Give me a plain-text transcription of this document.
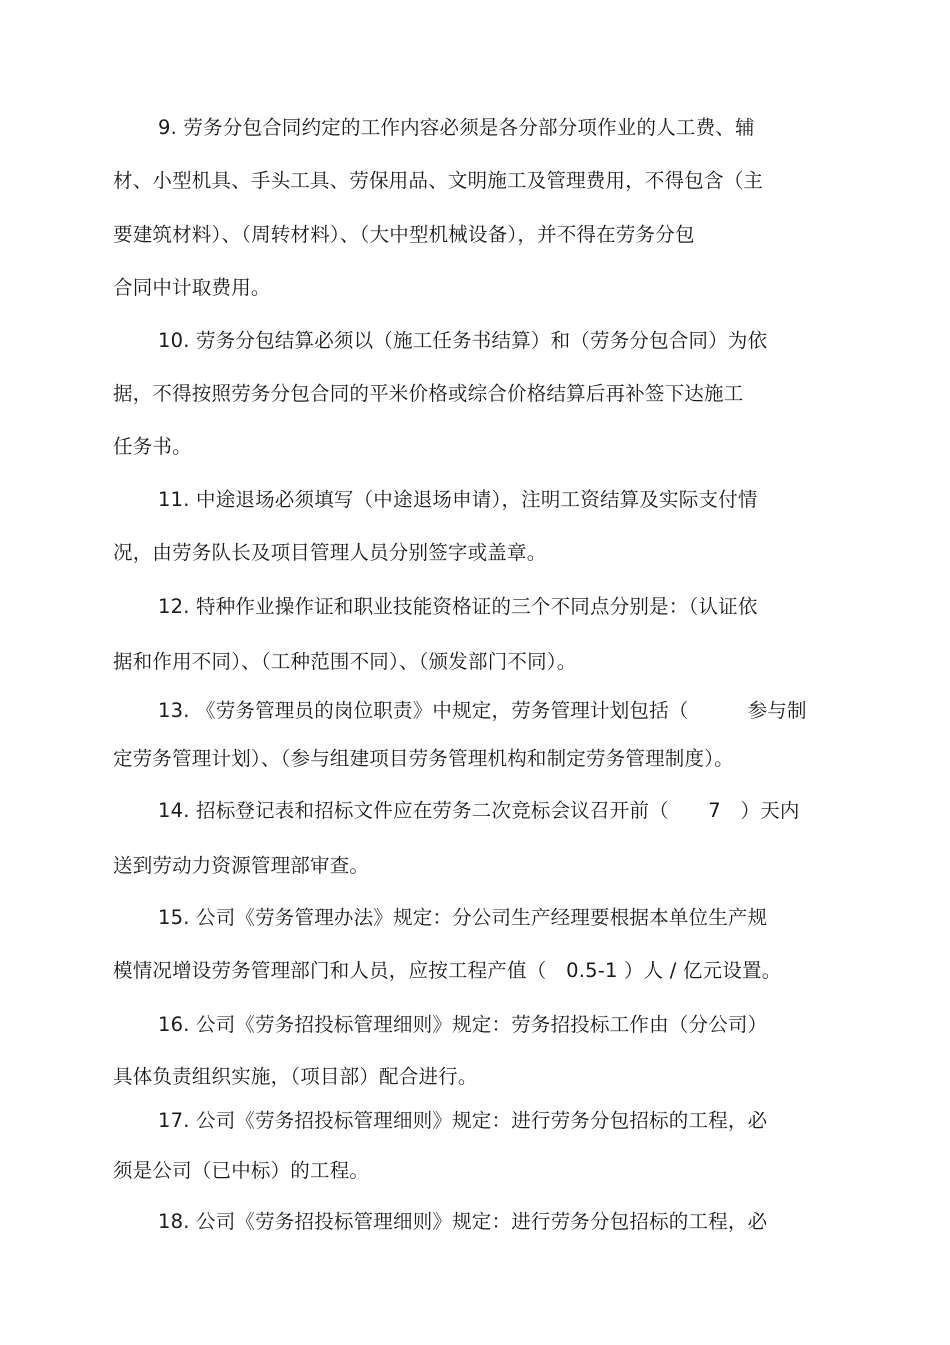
9. 劳务分包合同约定的工作内容必须是各分部分项作业的人工费、辅
材、小型机具、手头工具、劳保用品、文明施工及管理费用，不得包含（主
要建筑材料）、（周转材料）、（大中型机械设备），并不得在劳务分包
合同中计取费用。
10. 劳务分包结算必须以（施工任务书结算）和（劳务分包合同）为依
据，不得按照劳务分包合同的平米价格或综合价格结算后再补签下达施工
任务书。
11. 中途退场必须填写（中途退场申请），注明工资结算及实际支付情
况，由劳务队长及项目管理人员分别签字或盖章。
12. 特种作业操作证和职业技能资格证的三个不同点分别是：（认证依
据和作用不同）、（工种范围不同）、（颁发部门不同）。
13. 《劳务管理员的岗位职责》中规定，劳务管理计划包括（　　　参与制
定劳务管理计划）、（参与组建项目劳务管理机构和制定劳务管理制度）。
14. 招标登记表和招标文件应在劳务二次竞标会议召开前（　　7　）天内
送到劳动力资源管理部审查。
15. 公司《劳务管理办法》规定：分公司生产经理要根据本单位生产规
模情况增设劳务管理部门和人员，应按工程产值（　0.5-1 ）人 / 亿元设置。
16. 公司《劳务招投标管理细则》规定：劳务招投标工作由（分公司）
具体负责组织实施，（项目部）配合进行。
17. 公司《劳务招投标管理细则》规定：进行劳务分包招标的工程，必
须是公司（已中标）的工程。
18. 公司《劳务招投标管理细则》规定：进行劳务分包招标的工程，必
